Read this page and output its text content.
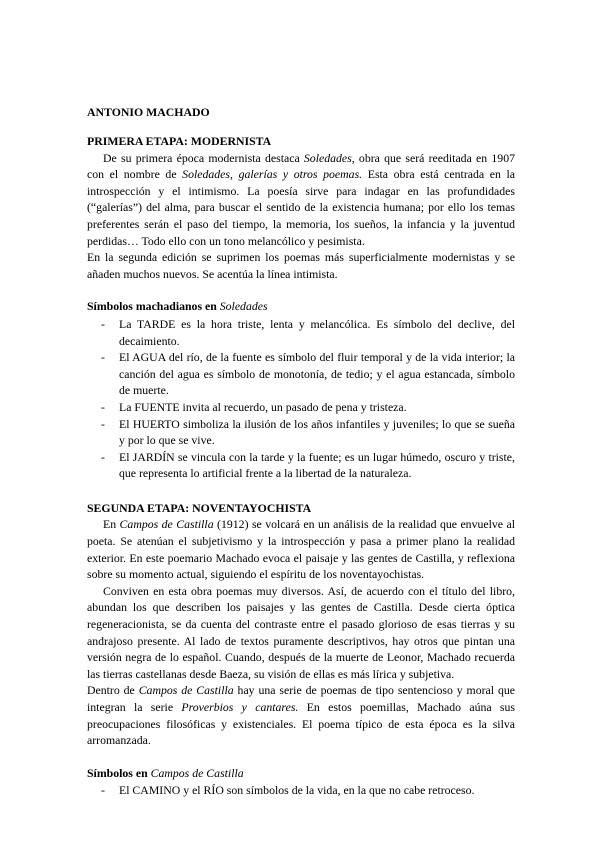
ANTONIO MACHADO
PRIMERA ETAPA: MODERNISTA

De su primera época modernista destaca Soledades, obra que será reeditada en 1907 con el nombre de Soledades, galerías y otros poemas. Esta obra está centrada en la introspección y el intimismo. La poesía sirve para indagar en las profundidades (“galerías”) del alma, para buscar el sentido de la existencia humana; por ello los temas preferentes serán el paso del tiempo, la memoria, los sueños, la infancia y la juventud perdidas… Todo ello con un tono melancólico y pesimista.

En la segunda edición se suprimen los poemas más superficialmente modernistas y se añaden muchos nuevos. Se acentúa la línea intimista.

Símbolos machadianos en Soledades
- La TARDE es la hora triste, lenta y melancólica. Es símbolo del declive, del decaimiento.
- El AGUA del río, de la fuente es símbolo del fluir temporal y de la vida interior; la canción del agua es símbolo de monotonía, de tedio; y el agua estancada, símbolo de muerte.
- La FUENTE invita al recuerdo, un pasado de pena y tristeza.
- El HUERTO simboliza la ilusión de los años infantiles y juveniles; lo que se sueña y por lo que se vive.
- El JARDÍN se vincula con la tarde y la fuente; es un lugar húmedo, oscuro y triste, que representa lo artificial frente a la libertad de la naturaleza.
SEGUNDA ETAPA: NOVENTAYOCHISTA

En Campos de Castilla (1912) se volcará en un análisis de la realidad que envuelve al poeta. Se atenúan el subjetivismo y la introspección y pasa a primer plano la realidad exterior. En este poemario Machado evoca el paisaje y las gentes de Castilla, y reflexiona sobre su momento actual, siguiendo el espíritu de los noventayochistas.

Conviven en esta obra poemas muy diversos. Así, de acuerdo con el título del libro, abundan los que describen los paisajes y las gentes de Castilla. Desde cierta óptica regeneracionista, se da cuenta del contraste entre el pasado glorioso de esas tierras y su andrajoso presente. Al lado de textos puramente descriptivos, hay otros que pintan una versión negra de lo español. Cuando, después de la muerte de Leonor, Machado recuerda las tierras castellanas desde Baeza, su visión de ellas es más lírica y subjetiva.

Dentro de Campos de Castilla hay una serie de poemas de tipo sentencioso y moral que integran la serie Proverbios y cantares. En estos poemillas, Machado aúna sus preocupaciones filosóficas y existenciales. El poema típico de esta época es la silva arromanzada.

Símbolos en Campos de Castilla
- El CAMINO y el RÍO son símbolos de la vida, en la que no cabe retroceso.
